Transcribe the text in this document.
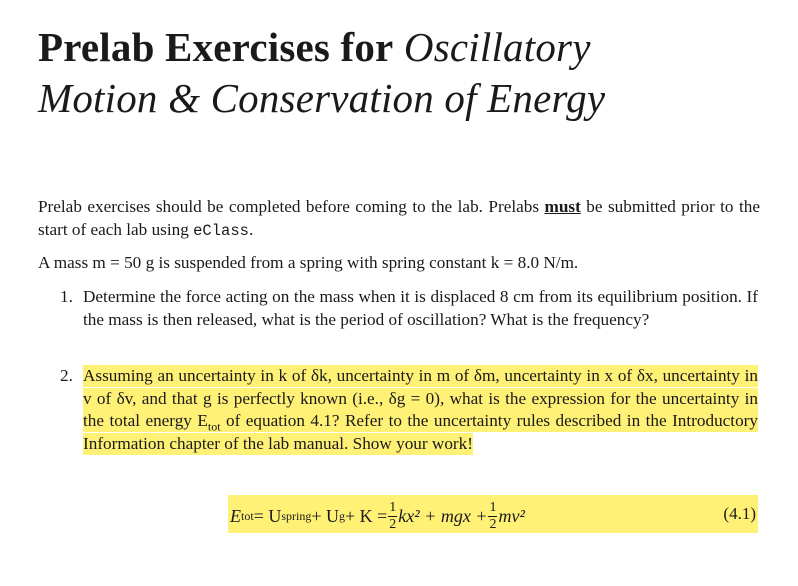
Prelab Exercises for Oscillatory
Motion & Conservation of Energy
Prelab exercises should be completed before coming to the lab. Prelabs must be submitted prior to the start of each lab using eClass.
A mass m = 50 g is suspended from a spring with spring constant k = 8.0 N/m.
1. Determine the force acting on the mass when it is displaced 8 cm from its equilibrium position. If the mass is then released, what is the period of oscillation? What is the frequency?
2. Assuming an uncertainty in k of δk, uncertainty in m of δm, uncertainty in x of δx, uncertainty in v of δv, and that g is perfectly known (i.e., δg = 0), what is the expression for the uncertainty in the total energy $E_{tot}$ of equation 4.1? Refer to the uncertainty rules described in the Introductory Information chapter of the lab manual. Show your work!
E tot = U spring + U $g + K = \frac{1}{2} kx^2$ + mgx + $\frac{1}{2} mv^2$	(4.1)
